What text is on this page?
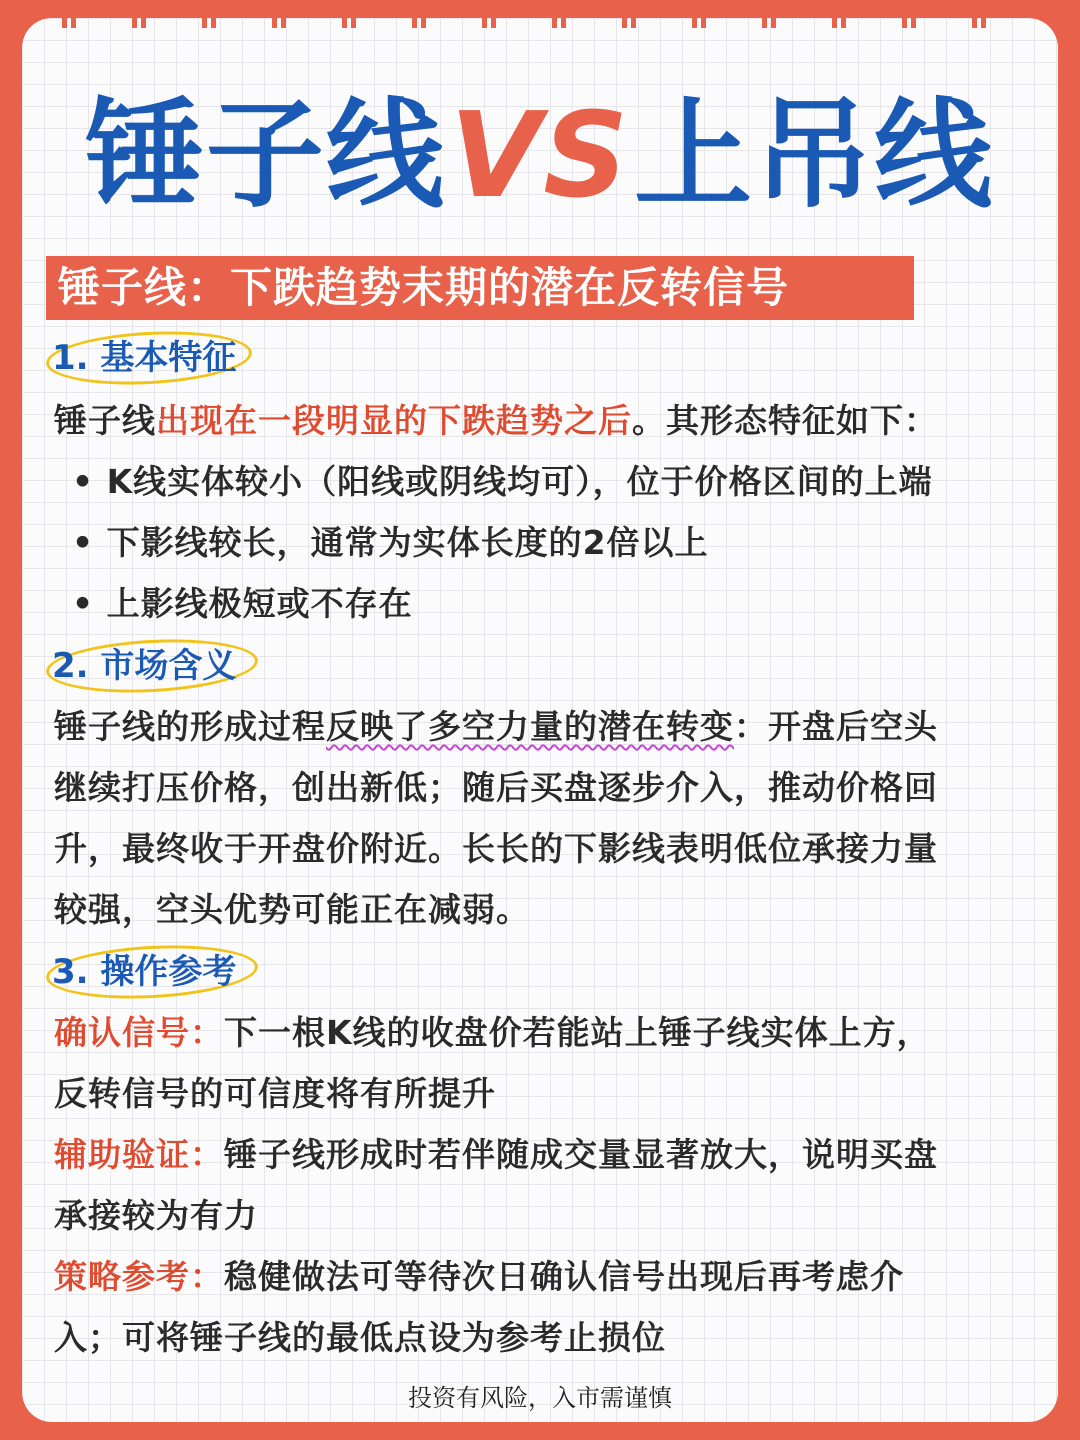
锤子线VS上吊线
锤子线：下跌趋势末期的潜在反转信号
1. 基本特征
锤子线出现在一段明显的下跌趋势之后。其形态特征如下：
• K线实体较小（阳线或阴线均可），位于价格区间的上端
• 下影线较长，通常为实体长度的2倍以上
• 上影线极短或不存在
2. 市场含义
锤子线的形成过程反映了多空力量的潜在转变：开盘后空头
继续打压价格，创出新低；随后买盘逐步介入，推动价格回
升，最终收于开盘价附近。长长的下影线表明低位承接力量
较强，空头优势可能正在减弱。
3. 操作参考
确认信号：下一根K线的收盘价若能站上锤子线实体上方，
反转信号的可信度将有所提升
辅助验证：锤子线形成时若伴随成交量显著放大，说明买盘
承接较为有力
策略参考：稳健做法可等待次日确认信号出现后再考虑介
入；可将锤子线的最低点设为参考止损位
投资有风险，入市需谨慎
